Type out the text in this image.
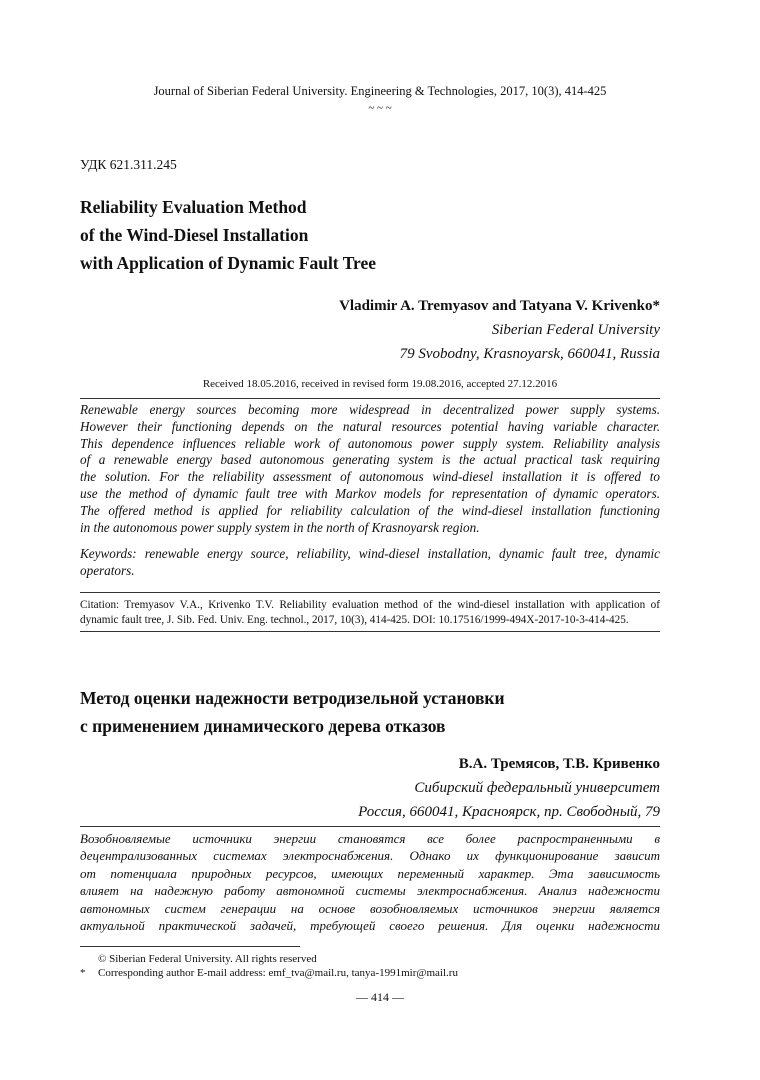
Journal of Siberian Federal University. Engineering & Technologies, 2017, 10(3), 414-425
~ ~ ~
УДК 621.311.245
Reliability Evaluation Method
of the Wind-Diesel Installation
with Application of Dynamic Fault Tree
Vladimir A. Tremyasov and Tatyana V. Krivenko*
Siberian Federal University
79 Svobodny, Krasnoyarsk, 660041, Russia
Received 18.05.2016, received in revised form 19.08.2016, accepted 27.12.2016
Renewable energy sources becoming more widespread in decentralized power supply systems.
However their functioning depends on the natural resources potential having variable character.
This dependence influences reliable work of autonomous power supply system. Reliability analysis
of a renewable energy based autonomous generating system is the actual practical task requiring
the solution. For the reliability assessment of autonomous wind-diesel installation it is offered to
use the method of dynamic fault tree with Markov models for representation of dynamic operators.
The offered method is applied for reliability calculation of the wind-diesel installation functioning
in the autonomous power supply system in the north of Krasnoyarsk region.
Keywords: renewable energy source, reliability, wind-diesel installation, dynamic fault tree, dynamic
operators.
Citation: Tremyasov V.A., Krivenko T.V. Reliability evaluation method of the wind-diesel installation with application of
dynamic fault tree, J. Sib. Fed. Univ. Eng. technol., 2017, 10(3), 414-425. DOI: 10.17516/1999-494X-2017-10-3-414-425.
Метод оценки надежности ветродизельной установки
с применением динамического дерева отказов
В.А. Тремясов, Т.В. Кривенко
Сибирский федеральный университет
Россия, 660041, Красноярск, пр. Свободный, 79
Возобновляемые источники энергии становятся все более распространенными в
децентрализованных системах электроснабжения. Однако их функционирование зависит
от потенциала природных ресурсов, имеющих переменный характер. Эта зависимость
влияет на надежную работу автономной системы электроснабжения. Анализ надежности
автономных систем генерации на основе возобновляемых источников энергии является
актуальной практической задачей, требующей своего решения. Для оценки надежности
© Siberian Federal University. All rights reserved
* Corresponding author E-mail address: emf_tva@mail.ru, tanya-1991mir@mail.ru
— 414 —
